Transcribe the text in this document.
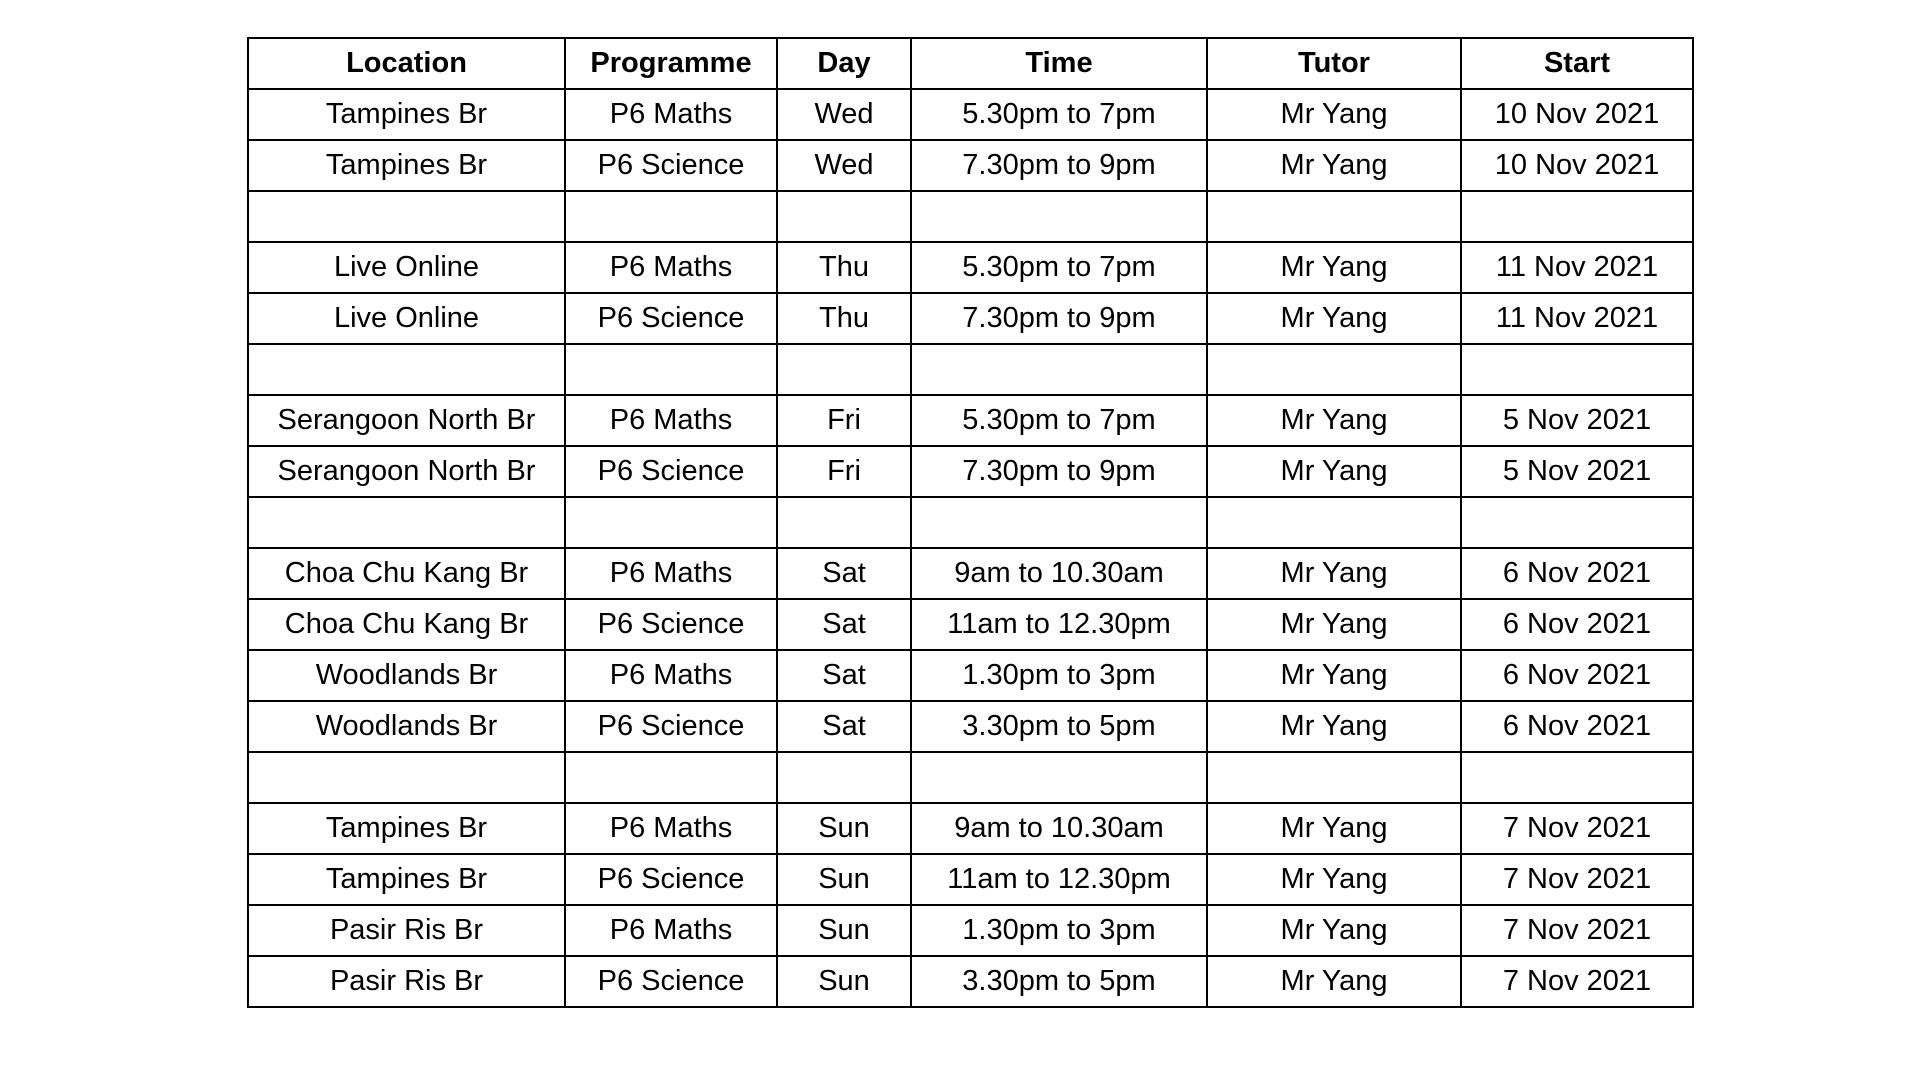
Location	Programme	Day	Time	Tutor	Start
Tampines Br	P6 Maths	Wed	5.30pm to 7pm	Mr Yang	10 Nov 2021
Tampines Br	P6 Science	Wed	7.30pm to 9pm	Mr Yang	10 Nov 2021

Live Online	P6 Maths	Thu	5.30pm to 7pm	Mr Yang	11 Nov 2021
Live Online	P6 Science	Thu	7.30pm to 9pm	Mr Yang	11 Nov 2021

Serangoon North Br	P6 Maths	Fri	5.30pm to 7pm	Mr Yang	5 Nov 2021
Serangoon North Br	P6 Science	Fri	7.30pm to 9pm	Mr Yang	5 Nov 2021

Choa Chu Kang Br	P6 Maths	Sat	9am to 10.30am	Mr Yang	6 Nov 2021
Choa Chu Kang Br	P6 Science	Sat	11am to 12.30pm	Mr Yang	6 Nov 2021
Woodlands Br	P6 Maths	Sat	1.30pm to 3pm	Mr Yang	6 Nov 2021
Woodlands Br	P6 Science	Sat	3.30pm to 5pm	Mr Yang	6 Nov 2021

Tampines Br	P6 Maths	Sun	9am to 10.30am	Mr Yang	7 Nov 2021
Tampines Br	P6 Science	Sun	11am to 12.30pm	Mr Yang	7 Nov 2021
Pasir Ris Br	P6 Maths	Sun	1.30pm to 3pm	Mr Yang	7 Nov 2021
Pasir Ris Br	P6 Science	Sun	3.30pm to 5pm	Mr Yang	7 Nov 2021
